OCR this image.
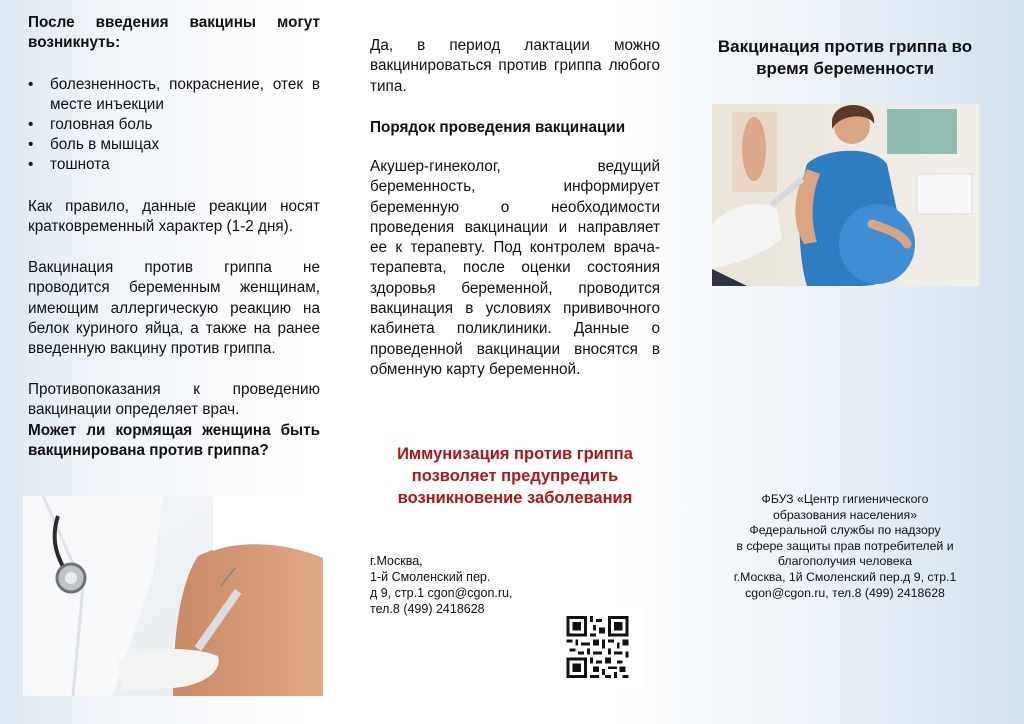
После введения вакцины могут возникнуть:
• болезненность, покраснение, отек в месте инъекции
• головная боль
• боль в мышцах
• тошнота
Как правило, данные реакции носят кратковременный характер (1-2 дня).
Вакцинация против гриппа не проводится беременным женщинам, имеющим аллергическую реакцию на белок куриного яйца, а также на ранее введенную вакцину против гриппа.
Противопоказания к проведению вакцинации определяет врач.
Может ли кормящая женщина быть вакцинирована против гриппа?
Да, в период лактации можно вакцинироваться против гриппа любого типа.
Порядок проведения вакцинации
Акушер-гинеколог, ведущий беременность, информирует беременную о необходимости проведения вакцинации и направляет ее к терапевту. Под контролем врача-терапевта, после оценки состояния здоровья беременной, проводится вакцинация в условиях прививочного кабинета поликлиники. Данные о проведенной вакцинации вносятся в обменную карту беременной.
Иммунизация против гриппа позволяет предупредить возникновение заболевания
г.Москва,
1-й Смоленский пер.
д 9, стр.1 cgon@cgon.ru,
тел.8 (499) 2418628
Вакцинация против гриппа во время беременности
ФБУЗ «Центр гигиенического
образования населения»
Федеральной службы по надзору
в сфере защиты прав потребителей и
благополучия человека
г.Москва, 1й Смоленский пер.д 9, стр.1
cgon@cgon.ru, тел.8 (499) 2418628
